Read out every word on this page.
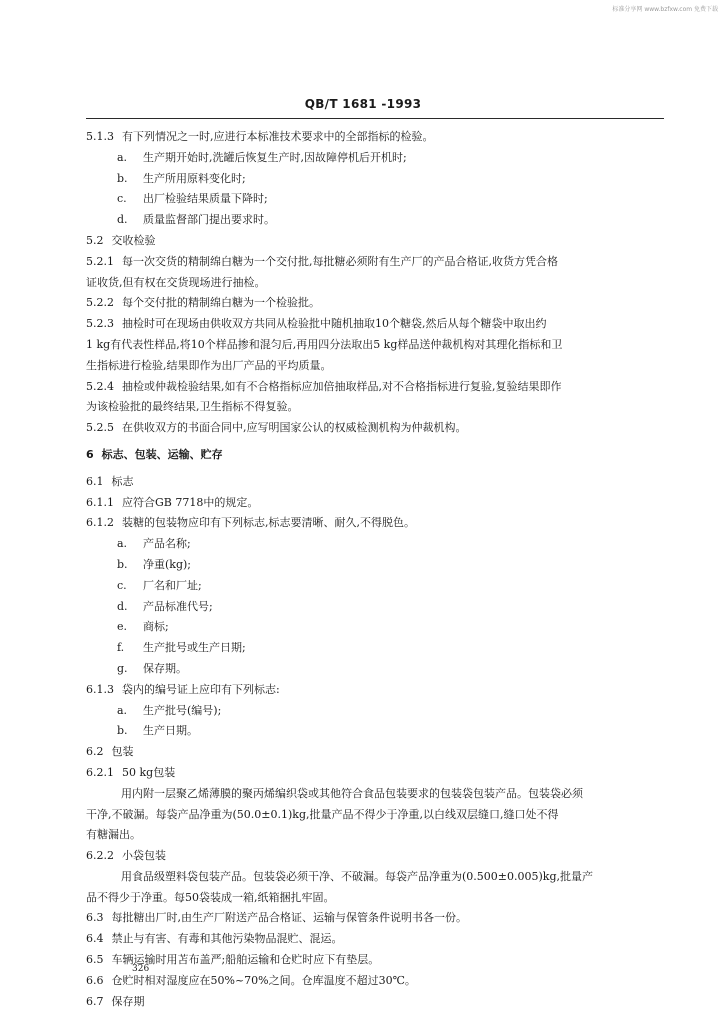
标准分享网 www.bzfxw.com 免费下载
QB/T 1681 -1993
5.1.3 有下列情况之一时,应进行本标准技术要求中的全部指标的检验。
a. 生产期开始时,洗罐后恢复生产时,因故障停机后开机时;
b. 生产所用原料变化时;
c. 出厂检验结果质量下降时;
d. 质量监督部门提出要求时。
5.2 交收检验
5.2.1 每一次交货的精制绵白糖为一个交付批,每批糖必须附有生产厂的产品合格证,收货方凭合格
证收货,但有权在交货现场进行抽检。
5.2.2 每个交付批的精制绵白糖为一个检验批。
5.2.3 抽检时可在现场由供收双方共同从检验批中随机抽取10个糖袋,然后从每个糖袋中取出约
1 kg有代表性样品,将10个样品掺和混匀后,再用四分法取出5 kg样品送仲裁机构对其理化指标和卫
生指标进行检验,结果即作为出厂产品的平均质量。
5.2.4 抽检或仲裁检验结果,如有不合格指标应加倍抽取样品,对不合格指标进行复验,复验结果即作
为该检验批的最终结果,卫生指标不得复验。
5.2.5 在供收双方的书面合同中,应写明国家公认的权威检测机构为仲裁机构。
6 标志、包装、运输、贮存
6.1 标志
6.1.1 应符合GB 7718中的规定。
6.1.2 装糖的包装物应印有下列标志,标志要清晰、耐久,不得脱色。
a. 产品名称;
b. 净重(kg);
c. 厂名和厂址;
d. 产品标准代号;
e. 商标;
f. 生产批号或生产日期;
g. 保存期。
6.1.3 袋内的编号证上应印有下列标志:
a. 生产批号(编号);
b. 生产日期。
6.2 包装
6.2.1 50 kg包装
用内附一层聚乙烯薄膜的聚丙烯编织袋或其他符合食品包装要求的包装袋包装产品。包装袋必须
干净,不破漏。每袋产品净重为(50.0±0.1)kg,批量产品不得少于净重,以白线双层缝口,缝口处不得
有糖漏出。
6.2.2 小袋包装
用食品级塑料袋包装产品。包装袋必须干净、不破漏。每袋产品净重为(0.500±0.005)kg,批量产
品不得少于净重。每50袋装成一箱,纸箱捆扎牢固。
6.3 每批糖出厂时,由生产厂附送产品合格证、运输与保管条件说明书各一份。
6.4 禁止与有害、有毒和其他污染物品混贮、混运。
6.5 车辆运输时用苫布盖严;船舶运输和仓贮时应下有垫层。
6.6 仓贮时相对湿度应在50%~70%之间。仓库温度不超过30℃。
6.7 保存期
326
